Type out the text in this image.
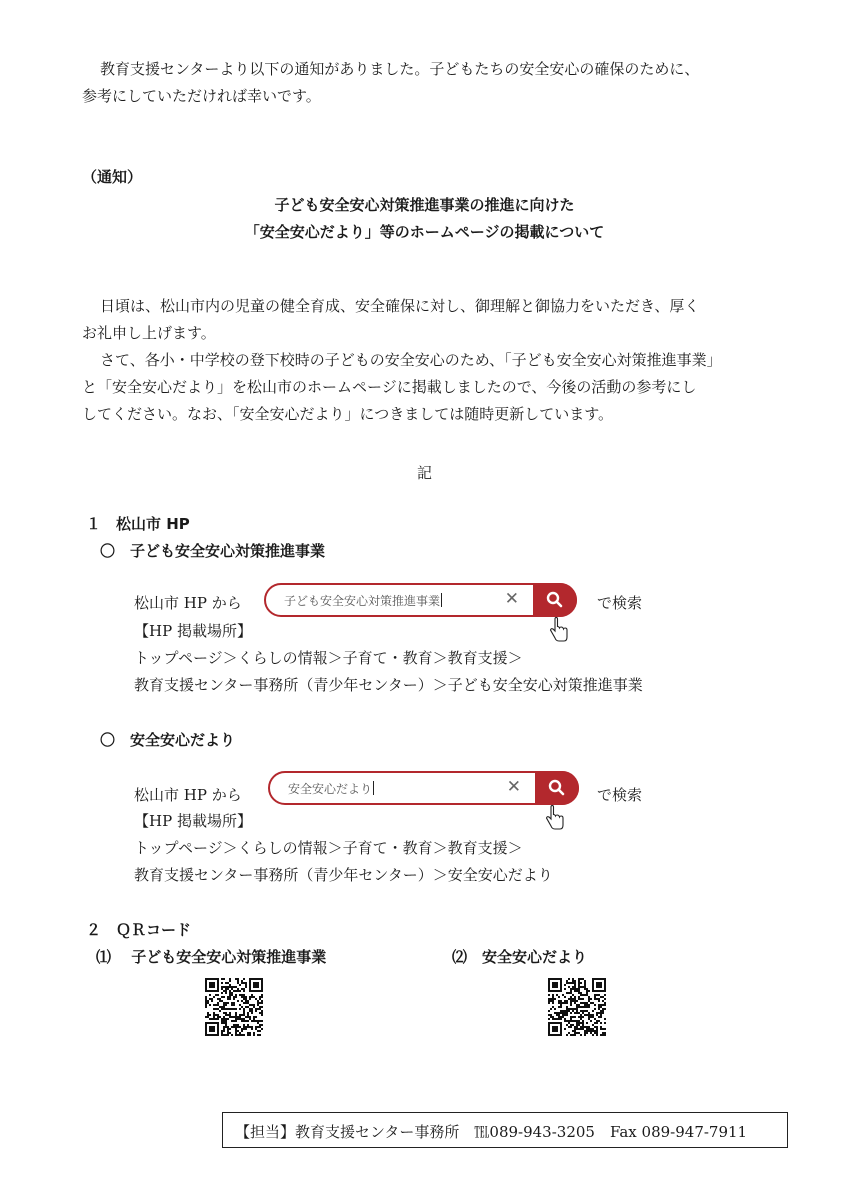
教育支援センターより以下の通知がありました。子どもたちの安全安心の確保のために、
参考にしていただければ幸いです。
（通知）
子ども安全安心対策推進事業の推進に向けた
「安全安心だより」等のホームページの掲載について
日頃は、松山市内の児童の健全育成、安全確保に対し、御理解と御協力をいただき、厚く
お礼申し上げます。
さて、各小・中学校の登下校時の子どもの安全安心のため、「子ども安全安心対策推進事業」
と「安全安心だより」を松山市のホームページに掲載しましたので、今後の活動の参考にし
してください。なお、「安全安心だより」につきましては随時更新しています。
記
１　松山市 HP
〇　子ども安全安心対策推進事業
松山市 HP から	子ども安全安心対策推進事業	✕	で検索
【HP 掲載場所】
トップページ＞くらしの情報＞子育て・教育＞教育支援＞
教育支援センター事務所（青少年センター）＞子ども安全安心対策推進事業
〇　安全安心だより
松山市 HP から	安全安心だより	✕	で検索
【HP 掲載場所】
トップページ＞くらしの情報＞子育て・教育＞教育支援＞
教育支援センター事務所（青少年センター）＞安全安心だより
２　ＱＲコード
⑴　 子ども安全安心対策推進事業	⑵　安全安心だより
【担当】教育支援センター事務所　℡089-943-3205　Fax 089-947-7911
